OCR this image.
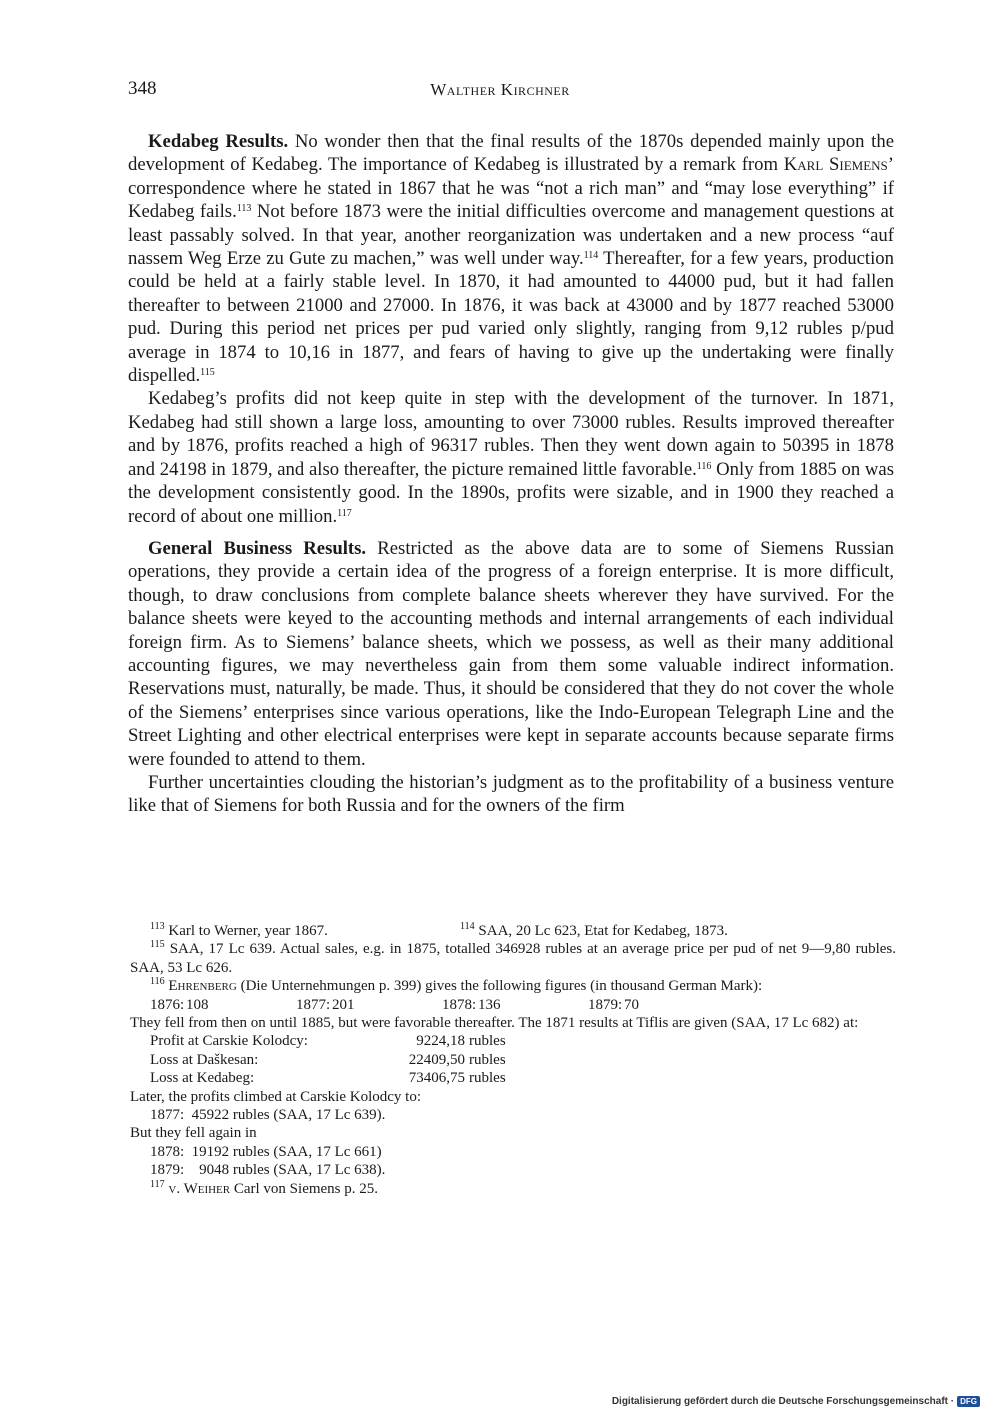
348	Walther Kirchner

Kedabeg Results. No wonder then that the final results of the 1870s depended mainly upon the development of Kedabeg. The importance of Kedabeg is illustrated by a remark from Karl Siemens’ correspondence where he stated in 1867 that he was “not a rich man” and “may lose everything” if Kedabeg fails.$^{113}$ Not before 1873 were the initial difficulties overcome and management questions at least passably solved. In that year, another reorganization was undertaken and a new process “auf nassem Weg Erze zu Gute zu machen,” was well under way.$^{114}$ Thereafter, for a few years, production could be held at a fairly stable level. In 1870, it had amounted to 44000 pud, but it had fallen thereafter to between 21000 and 27000. In 1876, it was back at 43000 and by 1877 reached 53000 pud. During this period net prices per pud varied only slightly, ranging from 9,12 rubles p/pud average in 1874 to 10,16 in 1877, and fears of having to give up the undertaking were finally dispelled.$^{115}$

Kedabeg’s profits did not keep quite in step with the development of the turnover. In 1871, Kedabeg had still shown a large loss, amounting to over 73000 rubles. Results improved thereafter and by 1876, profits reached a high of 96317 rubles. Then they went down again to 50395 in 1878 and 24198 in 1879, and also thereafter, the picture remained little favorable.$^{116}$ Only from 1885 on was the development consistently good. In the 1890s, profits were sizable, and in 1900 they reached a record of about one million.$^{117}$

General Business Results. Restricted as the above data are to some of Siemens Russian operations, they provide a certain idea of the progress of a foreign enterprise. It is more difficult, though, to draw conclusions from complete balance sheets wherever they have survived. For the balance sheets were keyed to the accounting methods and internal arrangements of each individual foreign firm. As to Siemens’ balance sheets, which we possess, as well as their many additional accounting figures, we may nevertheless gain from them some valuable indirect information. Reservations must, naturally, be made. Thus, it should be considered that they do not cover the whole of the Siemens’ enterprises since various operations, like the Indo-European Telegraph Line and the Street Lighting and other electrical enterprises were kept in separate accounts because separate firms were founded to attend to them.

Further uncertainties clouding the historian’s judgment as to the profitability of a business venture like that of Siemens for both Russia and for the owners of the firm

$^{113}$ Karl to Werner, year 1867.	$^{114}$ SAA, 20 Lc 623, Etat for Kedabeg, 1873.

$^{115}$ SAA, 17 Lc 639. Actual sales, e.g. in 1875, totalled 346928 rubles at an average price per pud of net 9—9,80 rubles. SAA, 53 Lc 626.

$^{116}$ Ehrenberg (Die Unternehmungen p. 399) gives the following figures (in thousand German Mark):

1876: 108	1877: 201	1878: 136	1879: 70

They fell from then on until 1885, but were favorable thereafter. The 1871 results at Tiflis are given (SAA, 17 Lc 682) at:

Profit at Carskie Kolodcy:	9224,18 rubles
Loss at Daškesan:	22409,50 rubles
Loss at Kedabeg:	73406,75 rubles
Later, the profits climbed at Carskie Kolodcy to:
1877:  45922 rubles (SAA, 17 Lc 639).
But they fell again in
1878:  19192 rubles (SAA, 17 Lc 661)
1879:    9048 rubles (SAA, 17 Lc 638).

$^{117}$ v. Weiher Carl von Siemens p. 25.

Digitalisierung gefördert durch die Deutsche Forschungsgemeinschaft · DFG
